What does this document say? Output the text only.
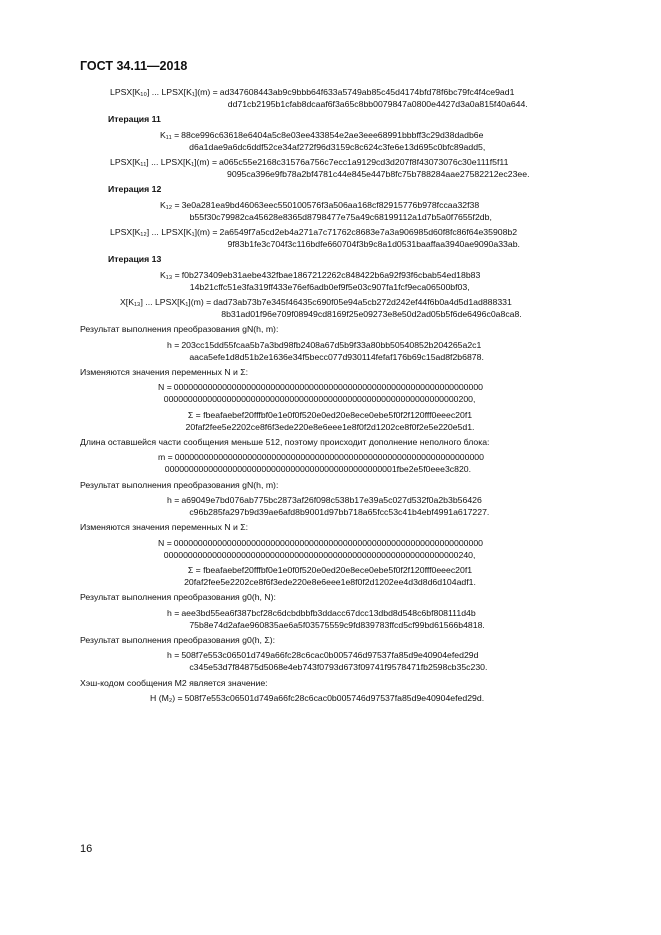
ГОСТ 34.11—2018
LPSX[K₁₀] ... LPSX[K₁](m) = ad347608443ab9c9bbb64f633a5749ab85c45d4174bfd78f6bc79fc4f4ce9ad1
dd71cb2195b1cfab8dcaaf6f3a65c8bb0079847a0800e4427d3a0a815f40a644.
Итерация 11
K₁₁ = 88ce996c63618e6404a5c8e03ee433854e2ae3eee68991bbbff3c29d38dadb6e
d6a1dae9a6dc6ddf52ce34af272f96d3159c8c624c3fe6e13d695c0bfc89add5,
LPSX[K₁₁] ... LPSX[K₁](m) = a065c55e2168c31576a756c7ecc1a9129cd3d207f8f43073076c30e111f5f11
9095ca396e9fb78a2bf4781c44e845e447b8fc75b788284aae27582212ec23ee.
Итерация 12
K₁₂ = 3e0a281ea9bd46063eec550100576f3a506aa168cf82915776b978fccaa32f38
b55f30c79982ca45628e8365d8798477e75a49c68199112a1d7b5a0f7655f2db,
LPSX[K₁₂] ... LPSX[K₁](m) = 2a6549f7a5cd2eb4a271a7c71762c8683e7a3a906985d60f8fc86f64e35908b2
9f83b1fe3c704f3c116bdfe660704f3b9c8a1d0531baaffaa3940ae9090a33ab.
Итерация 13
K₁₃ = f0b273409eb31aebe432fbae1867212262c848422b6a92f93f6cbab54ed18b83
14b21cffc51e3fa319ff433e76ef6adb0ef9f5e03c907fa1fcf9eca06500bf03,
X[K₁₃] ... LPSX[K₁](m) = dad73ab73b7e345f46435c690f05e94a5cb272d242ef44f6b0a4d5d1ad888331
8b31ad01f96e709f08949cd8169f25e09273e8e50d2ad05b5f6de6496c0a8ca8.
Результат выполнения преобразования gN(h, m):
h = 203cc15dd55fcaa5b7a3bd98fb2408a67d5b9f33a80bb50540852b204265a2c1
aaca5efe1d8d51b2e1636e34f5becc077d930114fefaf176b69c15ad8f2b6878.
Изменяются значения переменных N и Σ:
N = 0000000000000000000000000000000000000000000000000000000000000000
0000000000000000000000000000000000000000000000000000000000000200,
Σ = fbeafaebef20fffbf0e1e0f0f520e0ed20e8ece0ebe5f0f2f120fff0eeec20f1
20faf2fee5e2202ce8f6f3ede220e8e6eee1e8f0f2d1202ce8f0f2e5e220e5d1.
Длина оставшейся части сообщения меньше 512, поэтому происходит дополнение неполного блока:
m = 0000000000000000000000000000000000000000000000000000000000000000
000000000000000000000000000000000000000000000001fbe2e5f0eee3c820.
Результат выполнения преобразования gN(h, m):
h = a69049e7bd076ab775bc2873af26f098c538b17e39a5c027d532f0a2b3b56426
c96b285fa297b9d39ae6afd8b9001d97bb718a65fcc53c41b4ebf4991a617227.
Изменяются значения переменных N и Σ:
N = 0000000000000000000000000000000000000000000000000000000000000000
0000000000000000000000000000000000000000000000000000000000000240,
Σ = fbeafaebef20fffbf0e1e0f0f520e0ed20e8ece0ebe5f0f2f120fff0eeec20f1
20faf2fee5e2202ce8f6f3ede220e8e6eee1e8f0f2d1202ee4d3d8d6d104adf1.
Результат выполнения преобразования g0(h, N):
h = aee3bd55ea6f387bcf28c6dcbdbbfb3ddacc67dcc13dbd8d548c6bf808111d4b
75b8e74d2afae960835ae6a5f03575559c9fd839783ffcd5cf99bd61566b4818.
Результат выполнения преобразования g0(h, Σ):
h = 508f7e553c06501d749a66fc28c6cac0b005746d97537fa85d9e40904efed29d
c345e53d7f84875d5068e4eb743f0793d673f09741f9578471fb2598cb35c230.
Хэш-кодом сообщения M2 является значение:
H (M₂) = 508f7e553c06501d749a66fc28c6cac0b005746d97537fa85d9e40904efed29d.
16
